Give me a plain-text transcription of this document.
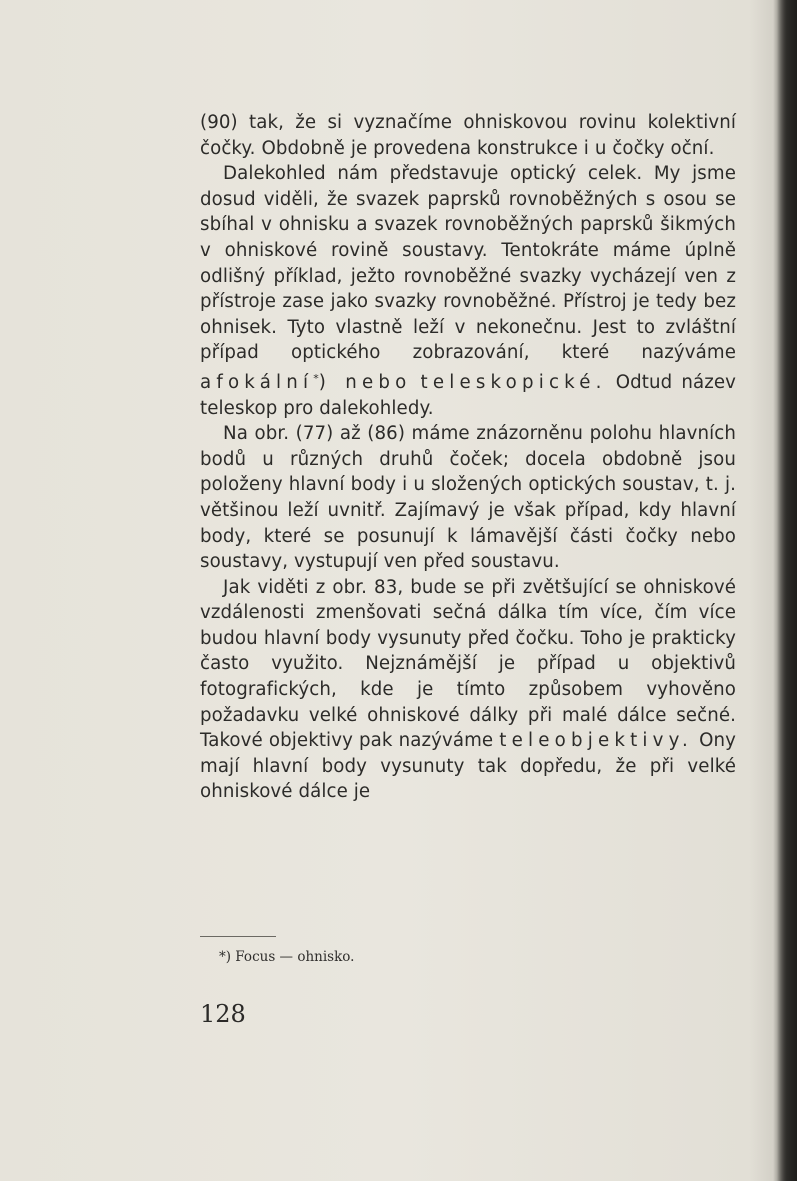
(90) tak, že si vyznačíme ohniskovou rovinu kolektivní čočky. Obdobně je provedena konstrukce i u čočky oční.

Dalekohled nám představuje optický celek. My jsme dosud viděli, že svazek paprsků rovnoběžných s osou se sbíhal v ohnisku a svazek rovnoběžných paprsků šikmých v ohniskové rovině soustavy. Tentokráte máme úplně odlišný příklad, ježto rovnoběžné svazky vycházejí ven z přístroje zase jako svazky rovnoběžné. Přístroj je tedy bez ohnisek. Tyto vlastně leží v nekonečnu. Jest to zvláštní případ optického zobrazování, které nazýváme afokální*) nebo teleskopické. Odtud název teleskop pro dalekohledy.

Na obr. (77) až (86) máme znázorněnu polohu hlavních bodů u různých druhů čoček; docela obdobně jsou položeny hlavní body i u složených optických soustav, t. j. většinou leží uvnitř. Zajímavý je však případ, kdy hlavní body, které se posunují k lámavější části čočky nebo soustavy, vystupují ven před soustavu.

Jak viděti z obr. 83, bude se při zvětšující se ohniskové vzdálenosti zmenšovati sečná dálka tím více, čím více budou hlavní body vysunuty před čočku. Toho je prakticky často využito. Nejznámější je případ u objektivů fotografických, kde je tímto způsobem vyhověno požadavku velké ohniskové dálky při malé dálce sečné. Takové objektivy pak nazýváme teleobjektivy. Ony mají hlavní body vysunuty tak dopředu, že při velké ohniskové dálce je

*) Focus — ohnisko.
128
